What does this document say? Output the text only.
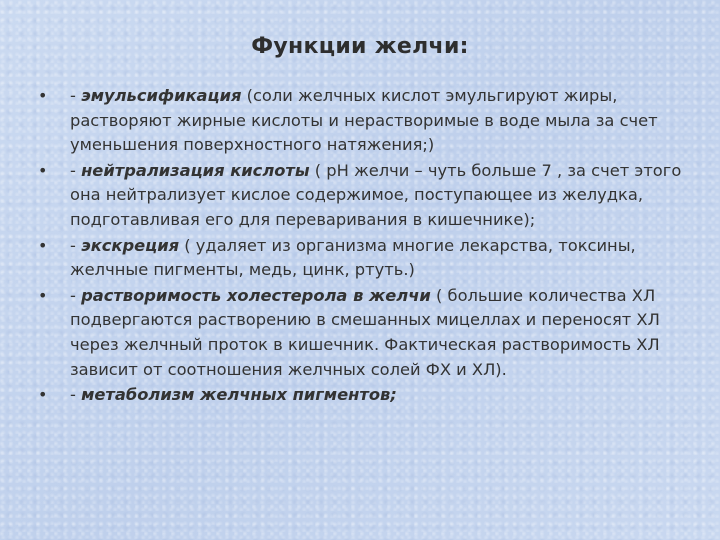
Функции желчи:
•	- эмульсификация (соли желчных кислот эмульгируют жиры, растворяют жирные кислоты и нерастворимые в воде мыла за счет уменьшения поверхностного натяжения;)
•	- нейтрализация кислоты ( рН желчи – чуть больше 7 , за счет этого она нейтрализует кислое содержимое, поступающее из желудка, подготавливая его для переваривания в кишечнике);
•	- экскреция ( удаляет из организма многие лекарства, токсины, желчные пигменты, медь, цинк, ртуть.)
•	- растворимость холестерола в желчи ( большие количества ХЛ подвергаются растворению в смешанных мицеллах и переносят ХЛ через желчный проток в кишечник. Фактическая растворимость ХЛ зависит от соотношения желчных солей ФХ и ХЛ).
•	- метаболизм желчных пигментов;
